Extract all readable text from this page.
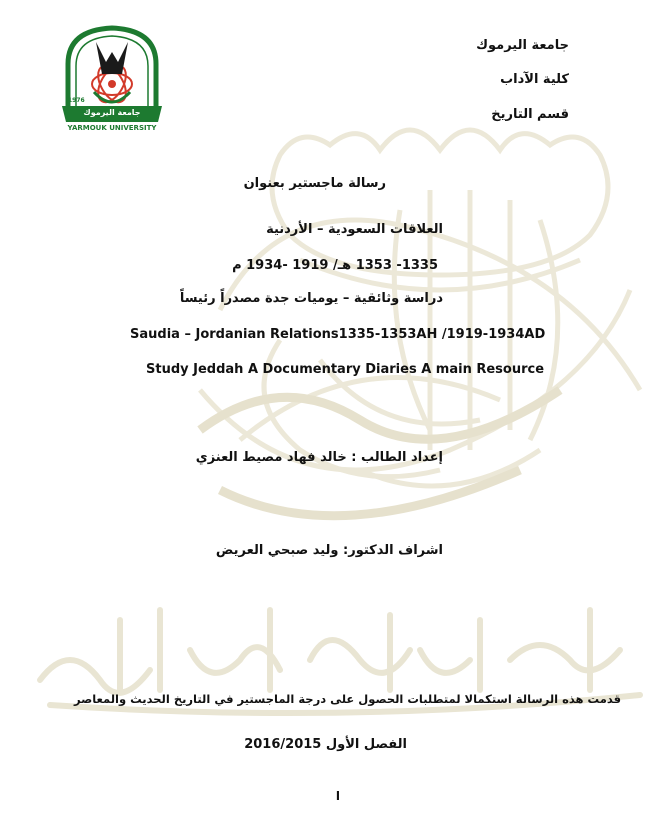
1976
جامعة اليرموك
YARMOUK UNIVERSITY
جامعة اليرموك
كلية الآداب
قسم التاريخ
رسالة ماجستير بعنوان
العلاقات السعودية – الأردنية
1335- 1353 هـ/ 1919 -1934 م
دراسة وثائقية – يوميات جدة مصدراً رئيساً
Saudia – Jordanian Relations1335-1353AH /1919-1934AD
Study Jeddah A Documentary Diaries A main Resource
إعداد الطالب : خالد فهاد مصيط العنزي
اشراف الدكتور: وليد صبحي العريض
قدمت هذه الرسالة استكمالا لمتطلبات الحصول على درجة الماجستير في التاريخ الحديث والمعاصر
الفصل الأول 2016/2015
ا
